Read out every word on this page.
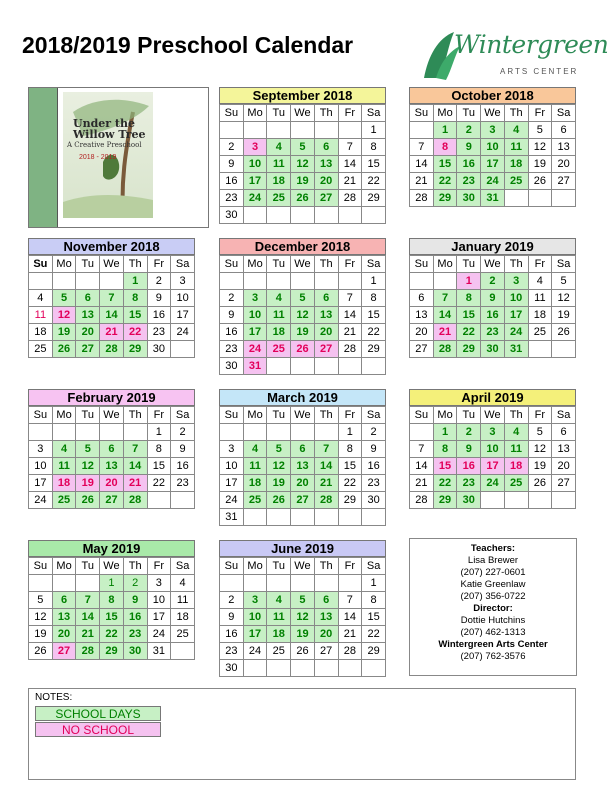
2018/2019 Preschool Calendar	Wintergreen
ARTS CENTER
Under the
Willow Tree
A Creative Preschool
2018 - 2019
September 2018
Su	Mo	Tu	We	Th	Fr	Sa
						1
2	3	4	5	6	7	8
9	10	11	12	13	14	15
16	17	18	19	20	21	22
23	24	25	26	27	28	29
30						
October 2018
Su	Mo	Tu	We	Th	Fr	Sa
	1	2	3	4	5	6
7	8	9	10	11	12	13
14	15	16	17	18	19	20
21	22	23	24	25	26	27
28	29	30	31			
November 2018
Su	Mo	Tu	We	Th	Fr	Sa
				1	2	3
4	5	6	7	8	9	10
11	12	13	14	15	16	17
18	19	20	21	22	23	24
25	26	27	28	29	30	
December 2018
Su	Mo	Tu	We	Th	Fr	Sa
						1
2	3	4	5	6	7	8
9	10	11	12	13	14	15
16	17	18	19	20	21	22
23	24	25	26	27	28	29
30	31					
January 2019
Su	Mo	Tu	We	Th	Fr	Sa
		1	2	3	4	5
6	7	8	9	10	11	12
13	14	15	16	17	18	19
20	21	22	23	24	25	26
27	28	29	30	31		
February 2019
Su	Mo	Tu	We	Th	Fr	Sa
					1	2
3	4	5	6	7	8	9
10	11	12	13	14	15	16
17	18	19	20	21	22	23
24	25	26	27	28		
March 2019
Su	Mo	Tu	We	Th	Fr	Sa
					1	2
3	4	5	6	7	8	9
10	11	12	13	14	15	16
17	18	19	20	21	22	23
24	25	26	27	28	29	30
31						
April 2019
Su	Mo	Tu	We	Th	Fr	Sa
	1	2	3	4	5	6
7	8	9	10	11	12	13
14	15	16	17	18	19	20
21	22	23	24	25	26	27
28	29	30				
May 2019
Su	Mo	Tu	We	Th	Fr	Sa
			1	2	3	4
5	6	7	8	9	10	11
12	13	14	15	16	17	18
19	20	21	22	23	24	25
26	27	28	29	30	31	
June 2019
Su	Mo	Tu	We	Th	Fr	Sa
						1
2	3	4	5	6	7	8
9	10	11	12	13	14	15
16	17	18	19	20	21	22
23	24	25	26	27	28	29
30						
Teachers:
Lisa Brewer
(207) 227-0601
Katie Greenlaw
(207) 356-0722
Director:
Dottie Hutchins
(207) 462-1313
Wintergreen Arts Center
(207) 762-3576
NOTES:
SCHOOL DAYS
NO SCHOOL
